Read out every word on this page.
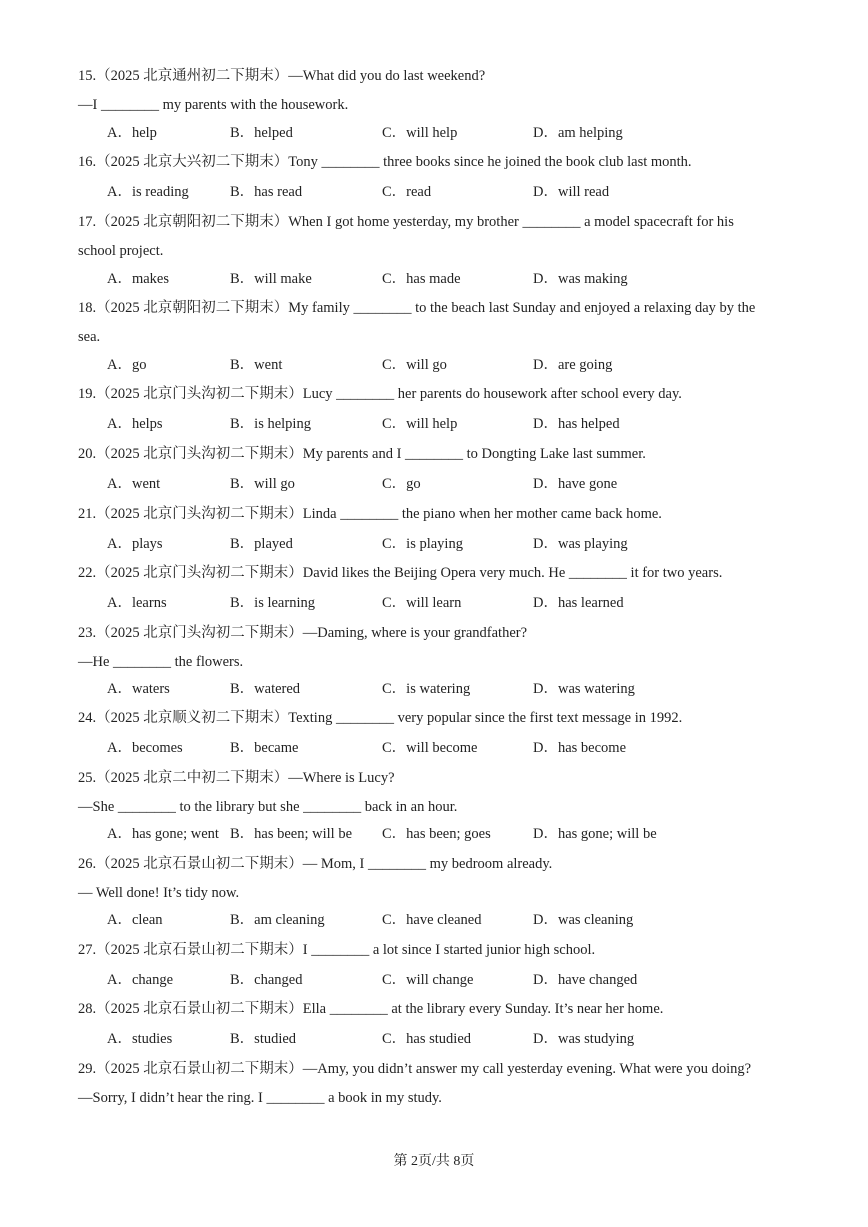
15.（2025 北京通州初二下期末）—What did you do last weekend?
—I ________ my parents with the housework.
A．help	B．helped	C．will help	D．am helping
16.（2025 北京大兴初二下期末）Tony ________ three books since he joined the book club last month.
A．is reading	B．has read	C．read	D．will read
17.（2025 北京朝阳初二下期末）When I got home yesterday, my brother ________ a model spacecraft for his
school project.
A．makes	B．will make	C．has made	D．was making
18.（2025 北京朝阳初二下期末）My family ________ to the beach last Sunday and enjoyed a relaxing day by the
sea.
A．go	B．went	C．will go	D．are going
19.（2025 北京门头沟初二下期末）Lucy ________ her parents do housework after school every day.
A．helps	B．is helping	C．will help	D．has helped
20.（2025 北京门头沟初二下期末）My parents and I ________ to Dongting Lake last summer.
A．went	B．will go	C．go	D．have gone
21.（2025 北京门头沟初二下期末）Linda ________ the piano when her mother came back home.
A．plays	B．played	C．is playing	D．was playing
22.（2025 北京门头沟初二下期末）David likes the Beijing Opera very much. He ________ it for two years.
A．learns	B．is learning	C．will learn	D．has learned
23.（2025 北京门头沟初二下期末）—Daming, where is your grandfather?
—He ________ the flowers.
A．waters	B．watered	C．is watering	D．was watering
24.（2025 北京顺义初二下期末）Texting ________ very popular since the first text message in 1992.
A．becomes	B．became	C．will become	D．has become
25.（2025 北京二中初二下期末）—Where is Lucy?
—She ________ to the library but she ________ back in an hour.
A．has gone; went B．has been; will be C．has been; goes	D．has gone; will be
26.（2025 北京石景山初二下期末）— Mom, I ________ my bedroom already.
— Well done! It’s tidy now.
A．clean	B．am cleaning	C．have cleaned	D．was cleaning
27.（2025 北京石景山初二下期末）I ________ a lot since I started junior high school.
A．change	B．changed	C．will change	D．have changed
28.（2025 北京石景山初二下期末）Ella ________ at the library every Sunday. It’s near her home.
A．studies	B．studied	C．has studied	D．was studying
29.（2025 北京石景山初二下期末）—Amy, you didn’t answer my call yesterday evening. What were you doing?
—Sorry, I didn’t hear the ring. I ________ a book in my study.
第 2页/共 8页
